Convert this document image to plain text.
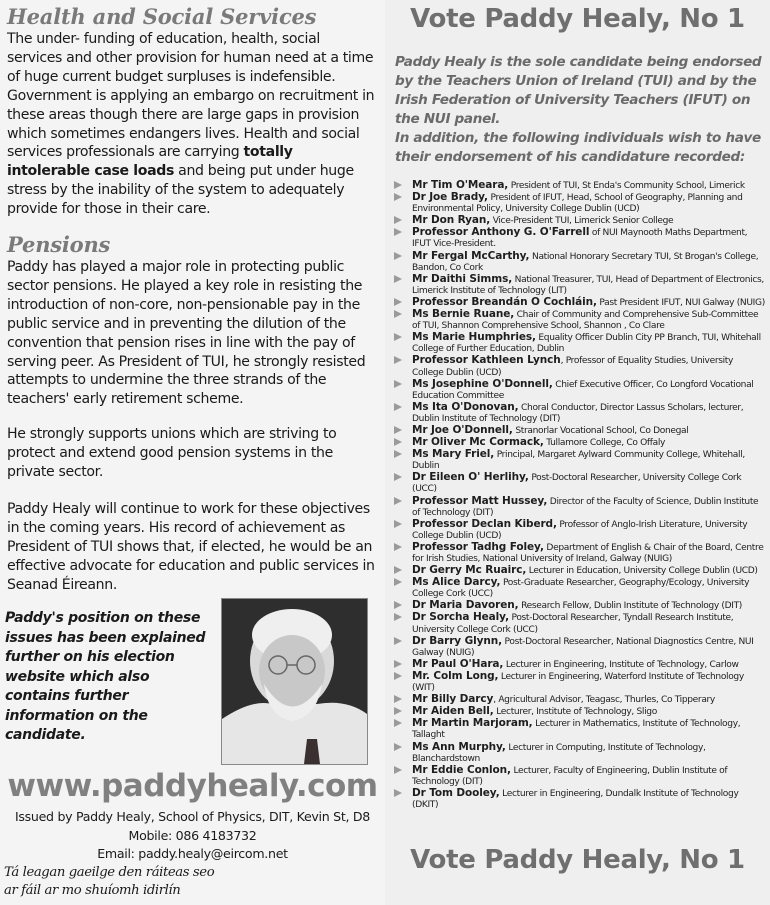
Health and Social Services

The under- funding of education, health, social services and other provision for human need at a time of huge current budget surpluses is indefensible. Government is applying an embargo on recruitment in these areas though there are large gaps in provision which sometimes endangers lives. Health and social services professionals are carrying totally intolerable case loads and being put under huge stress by the inability of the system to adequately provide for those in their care.

Pensions

Paddy has played a major role in protecting public sector pensions. He played a key role in resisting the introduction of non-core, non-pensionable pay in the public service and in preventing the dilution of the convention that pension rises in line with the pay of serving peer. As President of TUI, he strongly resisted attempts to undermine the three strands of the teachers' early retirement scheme.

He strongly supports unions which are striving to protect and extend good pension systems in the private sector.

Paddy Healy will continue to work for these objectives in the coming years. His record of achievement as President of TUI shows that, if elected, he would be an effective advocate for education and public services in Seanad Éireann.

Paddy's position on these issues has been explained further on his election website which also contains further information on the candidate.

www.paddyhealy.com
Issued by Paddy Healy, School of Physics, DIT, Kevin St, D8
Mobile: 086 4183732
Email: paddy.healy@eircom.net
Tá leagan gaeilge den ráiteas seo
ar fáil ar mo shuíomh idirlín
Vote Paddy Healy, No 1

Paddy Healy is the sole candidate being endorsed by the Teachers Union of Ireland (TUI) and by the Irish Federation of University Teachers (IFUT) on the NUI panel.
In addition, the following individuals wish to have their endorsement of his candidature recorded:

Mr Tim O'Meara, President of TUI, St Enda's Community School, Limerick
Dr Joe Brady, President of IFUT, Head, School of Geography, Planning and Environmental Policy, University College Dublin (UCD)
Mr Don Ryan, Vice-President TUI, Limerick Senior College
Professor Anthony G. O'Farrell of NUI Maynooth Maths Department, IFUT Vice-President.
Mr Fergal McCarthy, National Honorary Secretary TUI, St Brogan's College, Bandon, Co Cork
Mr Daithi Simms, National Treasurer, TUI, Head of Department of Electronics, Limerick Institute of Technology (LIT)
Professor Breandán O Cochláin, Past President IFUT, NUI Galway (NUIG)
Ms Bernie Ruane, Chair of Community and Comprehensive Sub-Committee of TUI, Shannon Comprehensive School, Shannon , Co Clare
Ms Marie Humphries, Equality Officer Dublin City PP Branch, TUI, Whitehall College of Further Education, Dublin
Professor Kathleen Lynch, Professor of Equality Studies, University College Dublin (UCD)
Ms Josephine O'Donnell, Chief Executive Officer, Co Longford Vocational Education Committee
Ms Ita O'Donovan, Choral Conductor, Director Lassus Scholars, lecturer, Dublin Institute of Technology (DIT)
Mr Joe O'Donnell, Stranorlar Vocational School, Co Donegal
Mr Oliver Mc Cormack, Tullamore College, Co Offaly
Ms Mary Friel, Principal, Margaret Aylward Community College, Whitehall, Dublin
Dr Eileen O' Herlihy, Post-Doctoral Researcher, University College Cork (UCC)
Professor Matt Hussey, Director of the Faculty of Science, Dublin Institute of Technology (DIT)
Professor Declan Kiberd, Professor of Anglo-Irish Literature, University College Dublin (UCD)
Professor Tadhg Foley, Department of English & Chair of the Board, Centre for Irish Studies, National University of Ireland, Galway (NUIG)
Dr Gerry Mc Ruairc, Lecturer in Education, University College Dublin (UCD)
Ms Alice Darcy, Post-Graduate Researcher, Geography/Ecology, University College Cork (UCC)
Dr Maria Davoren, Research Fellow, Dublin Institute of Technology (DIT)
Dr Sorcha Healy, Post-Doctoral Researcher, Tyndall Research Institute, University College Cork (UCC)
Dr Barry Glynn, Post-Doctoral Researcher, National Diagnostics Centre, NUI Galway (NUIG)
Mr Paul O'Hara, Lecturer in Engineering, Institute of Technology, Carlow
Mr. Colm Long, Lecturer in Engineering, Waterford Institute of Technology (WIT)
Mr Billy Darcy, Agricultural Advisor, Teagasc, Thurles, Co Tipperary
Mr Aiden Bell, Lecturer, Institute of Technology, Sligo
Mr Martin Marjoram, Lecturer in Mathematics, Institute of Technology, Tallaght
Ms Ann Murphy, Lecturer in Computing, Institute of Technology, Blanchardstown
Mr Eddie Conlon, Lecturer, Faculty of Engineering, Dublin Institute of Technology (DIT)
Dr Tom Dooley, Lecturer in Engineering, Dundalk Institute of Technology (DKIT)
Vote Paddy Healy, No 1
